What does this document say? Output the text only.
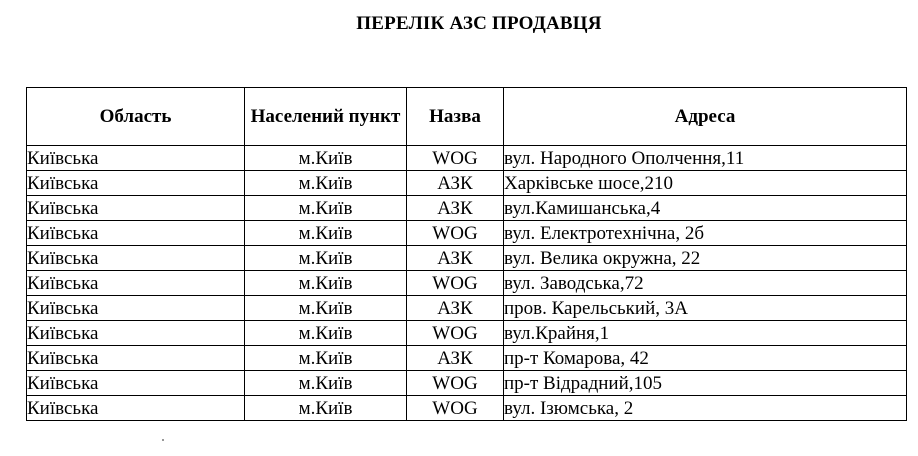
ПЕРЕЛІК АЗС ПРОДАВЦЯ
Область	Населений пункт	Назва	Адреса
Київська	м.Київ	WOG	вул. Народного Ополчення,11
Київська	м.Київ	АЗК	Харківське шосе,210
Київська	м.Київ	АЗК	вул.Камишанська,4
Київська	м.Київ	WOG	вул. Електротехнічна, 2б
Київська	м.Київ	АЗК	вул. Велика окружна, 22
Київська	м.Київ	WOG	вул. Заводська,72
Київська	м.Київ	АЗК	пров. Карельський, 3А
Київська	м.Київ	WOG	вул.Крайня,1
Київська	м.Київ	АЗК	пр-т Комарова, 42
Київська	м.Київ	WOG	пр-т Відрадний,105
Київська	м.Київ	WOG	вул. Ізюмська, 2
